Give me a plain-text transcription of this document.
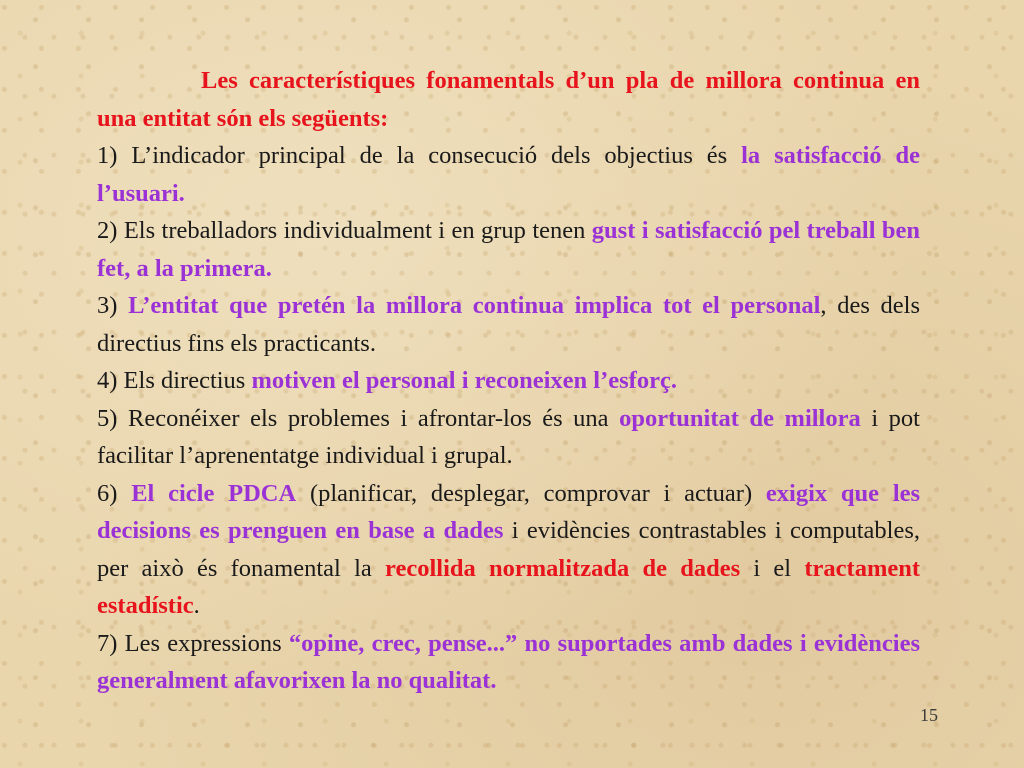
Les característiques fonamentals d’un pla de millora continua en una entitat són els següents:

1) L’indicador principal de la consecució dels objectius és la satisfacció de l’usuari.

2) Els treballadors individualment i en grup tenen gust i satisfacció pel treball ben fet, a la primera.

3) L’entitat que pretén la millora continua implica tot el personal, des dels directius fins els practicants.

4) Els directius motiven el personal i reconeixen l’esforç.

5) Reconéixer els problemes i afrontar-los és una oportunitat de millora i pot facilitar l’aprenentatge individual i grupal.

6) El cicle PDCA (planificar, desplegar, comprovar i actuar) exigix que les decisions es prenguen en base a dades i evidències contrastables i computables, per això és fonamental la recollida normalitzada de dades i el tractament estadístic.

7) Les expressions “opine, crec, pense...” no suportades amb dades i evidències generalment afavorixen la no qualitat.

15
